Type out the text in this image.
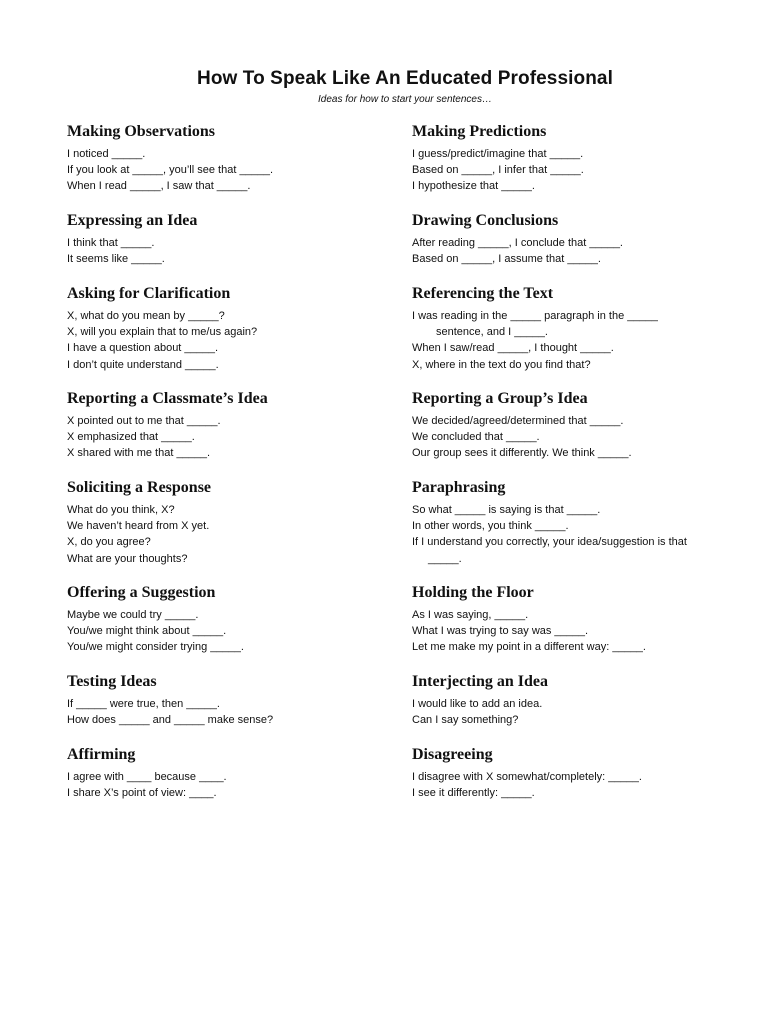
How To Speak Like An Educated Professional
Ideas for how to start your sentences…
Making Observations
I noticed _____.
If you look at _____, you’ll see that _____.
When I read _____, I saw that _____.
Expressing an Idea
I think that _____.
It seems like _____.
Asking for Clarification
X, what do you mean by _____?
X, will you explain that to me/us again?
I have a question about _____.
I don’t quite understand _____.
Reporting a Classmate’s Idea
X pointed out to me that _____.
X emphasized that _____.
X shared with me that _____.
Soliciting a Response
What do you think, X?
We haven’t heard from X yet.
X, do you agree?
What are your thoughts?
Offering a Suggestion
Maybe we could try _____.
You/we might think about _____.
You/we might consider trying _____.
Testing Ideas
If _____ were true, then _____.
How does _____ and _____ make sense?
Affirming
I agree with ____ because ____.
I share X’s point of view: ____.
Making Predictions
I guess/predict/imagine that _____.
Based on _____, I infer that _____.
I hypothesize that _____.
Drawing Conclusions
After reading _____, I conclude that _____.
Based on _____, I assume that _____.
Referencing the Text
I was reading in the _____ paragraph in the _____
sentence, and I _____.
When I saw/read _____, I thought _____.
X, where in the text do you find that?
Reporting a Group’s Idea
We decided/agreed/determined that _____.
We concluded that _____.
Our group sees it differently. We think _____.
Paraphrasing
So what _____ is saying is that _____.
In other words, you think _____.
If I understand you correctly, your idea/suggestion is that
_____.
Holding the Floor
As I was saying, _____.
What I was trying to say was _____.
Let me make my point in a different way: _____.
Interjecting an Idea
I would like to add an idea.
Can I say something?
Disagreeing
I disagree with X somewhat/completely: _____.
I see it differently: _____.
